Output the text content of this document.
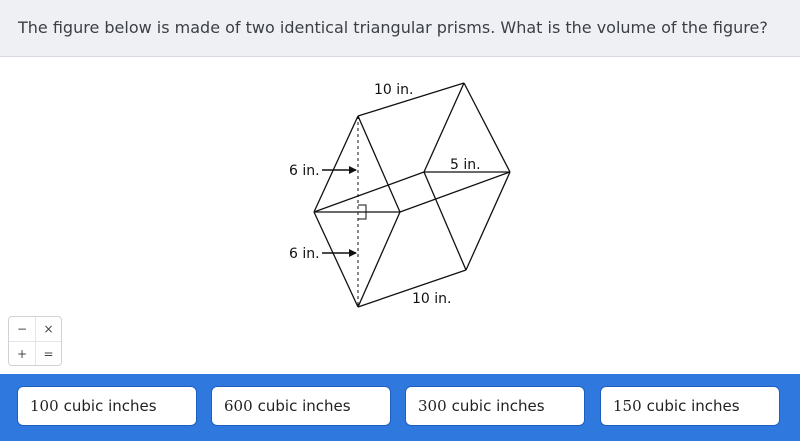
The figure below is made of two identical triangular prisms. What is the volume of the figure?
10 in.
10 in.
6 in.
6 in.
5 in.
−	×
+	=
100 cubic inches	600 cubic inches	300 cubic inches	150 cubic inches
